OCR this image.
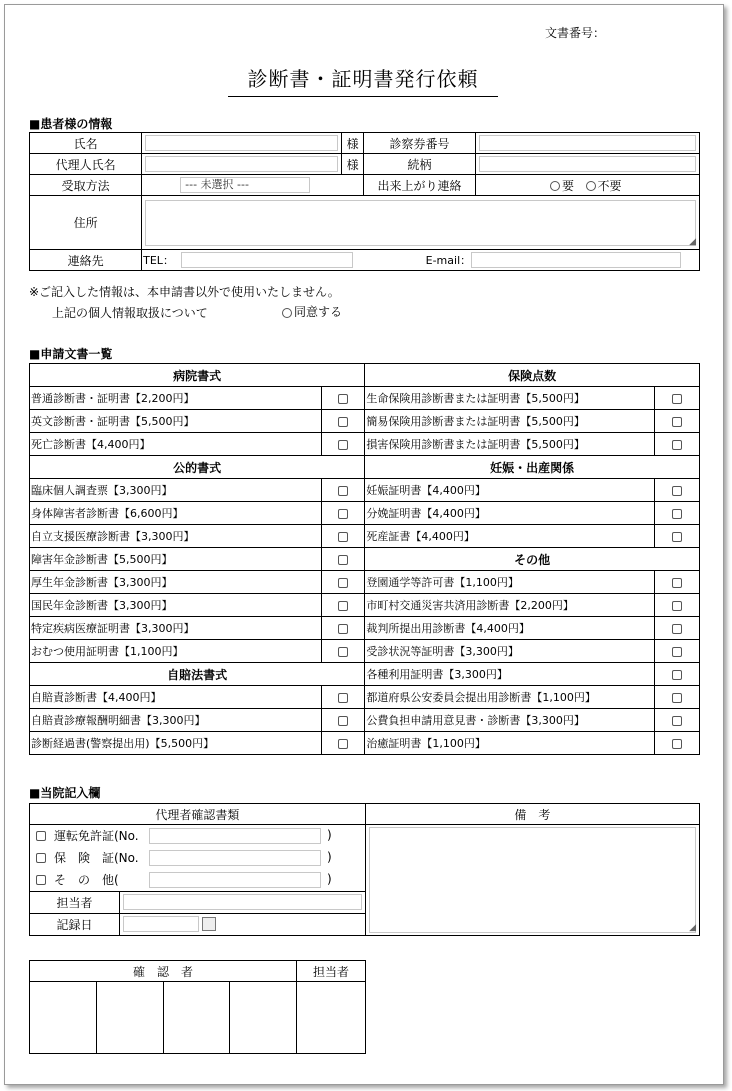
文書番号：
診断書・証明書発行依頼
■患者様の情報
氏名		様	診察券番号	

代理人氏名		様	続柄	

受取方法	--- 未選択 ---		出来上がり連絡	要 不要
住所	◢			

連絡先	TEL： E-mail：			
※ご記入した情報は、本申請書以外で使用いたしません。
上記の個人情報取扱について	同意する
■申請文書一覧
病院書式		保険点数	
普通診断書・証明書【2,200円】		生命保険用診断書または証明書【5,500円】	
英文診断書・証明書【5,500円】		簡易保険用診断書または証明書【5,500円】	
死亡診断書【4,400円】		損害保険用診断書または証明書【5,500円】	
公的書式		妊娠・出産関係	
臨床個人調査票【3,300円】		妊娠証明書【4,400円】	
身体障害者診断書【6,600円】		分娩証明書【4,400円】	
自立支援医療診断書【3,300円】		死産証書【4,400円】	
障害年金診断書【5,500円】		その他	
厚生年金診断書【3,300円】		登園通学等許可書【1,100円】	
国民年金診断書【3,300円】		市町村交通災害共済用診断書【2,200円】	
特定疾病医療証明書【3,300円】		裁判所提出用診断書【4,400円】	
おむつ使用証明書【1,100円】		受診状況等証明書【3,300円】	
自賠法書式		各種利用証明書【3,300円】	
自賠責診断書【4,400円】		都道府県公安委員会提出用診断書【1,100円】	
自賠責診療報酬明細書【3,300円】		公費負担申請用意見書・診断書【3,300円】	
診断経過書(警察提出用)【5,500円】		治癒証明書【1,100円】	
■当院記入欄
代理者確認書類		備　考
運転免許証(No. )		◢

保　険　証(No. )		
そ　の　他( )		
担当者		

記録日		
確　認　者				担当者
